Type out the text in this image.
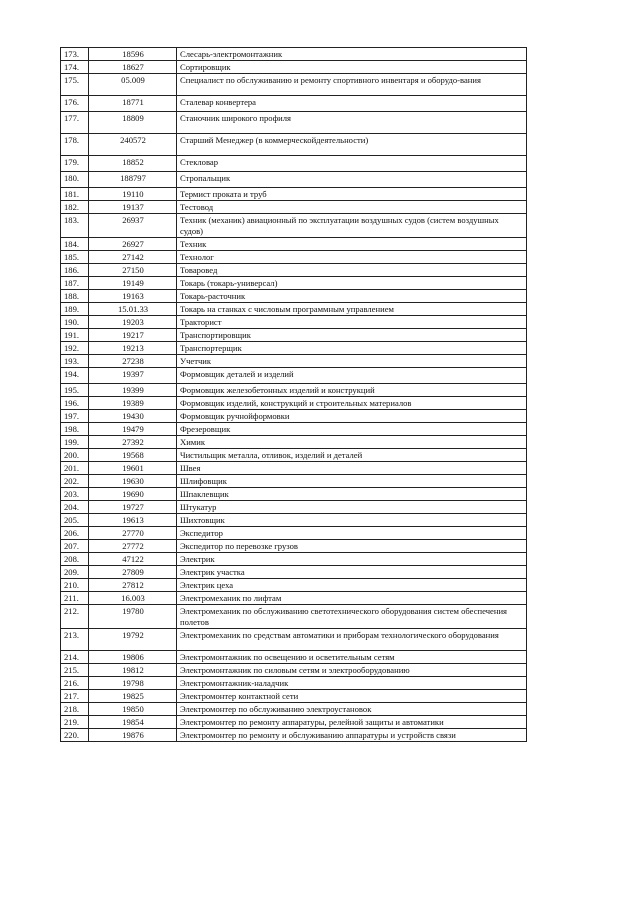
173.	18596	Слесарь-электромонтажник
174.	18627	Сортировщик
175.	05.009	Специалист по обслуживанию и ремонту спортивного инвентаря и оборудо-вания
176.	18771	Сталевар конвертера
177.	18809	Станочник широкого профиля
178.	240572	Старший Менеджер (в коммерческойдеятельности)
179.	18852	Стекловар
180.	188797	Стропальщик
181.	19110	Термист проката и труб
182.	19137	Тестовод
183.	26937	Техник (механик) авиационный по эксплуатации воздушных судов (систем воздушных судов)
184.	26927	Техник
185.	27142	Технолог
186.	27150	Товаровед
187.	19149	Токарь (токарь-универсал)
188.	19163	Токарь-расточник
189.	15.01.33	Токарь на станках с числовым программным управлением
190.	19203	Тракторист
191.	19217	Транспортировщик
192.	19213	Транспортерщик
193.	27238	Учетчик
194.	19397	Формовщик деталей и изделий
195.	19399	Формовщик железобетонных изделий и конструкций
196.	19389	Формовщик изделий, конструкций и строительных материалов
197.	19430	Формовщик ручнойформовки
198.	19479	Фрезеровщик
199.	27392	Химик
200.	19568	Чистильщик металла, отливок, изделий и деталей
201.	19601	Швея
202.	19630	Шлифовщик
203.	19690	Шпаклевщик
204.	19727	Штукатур
205.	19613	Шихтовщик
206.	27770	Экспедитор
207.	27772	Экспедитор по перевозке грузов
208.	47122	Электрик
209.	27809	Электрик участка
210.	27812	Электрик цеха
211.	16.003	Электромеханик по лифтам
212.	19780	Электромеханик по обслуживанию светотехнического оборудования систем обеспечения полетов
213.	19792	Электромеханик по средствам автоматики и приборам технологического оборудования
214.	19806	Электромонтажник по освещению и осветительным сетям
215.	19812	Электромонтажник по силовым сетям и электрооборудованию
216.	19798	Электромонтажник-наладчик
217.	19825	Электромонтер контактной сети
218.	19850	Электромонтер по обслуживанию электроустановок
219.	19854	Электромонтер по ремонту аппаратуры, релейной защиты и автоматики
220.	19876	Электромонтер по ремонту и обслуживанию аппаратуры и устройств связи
